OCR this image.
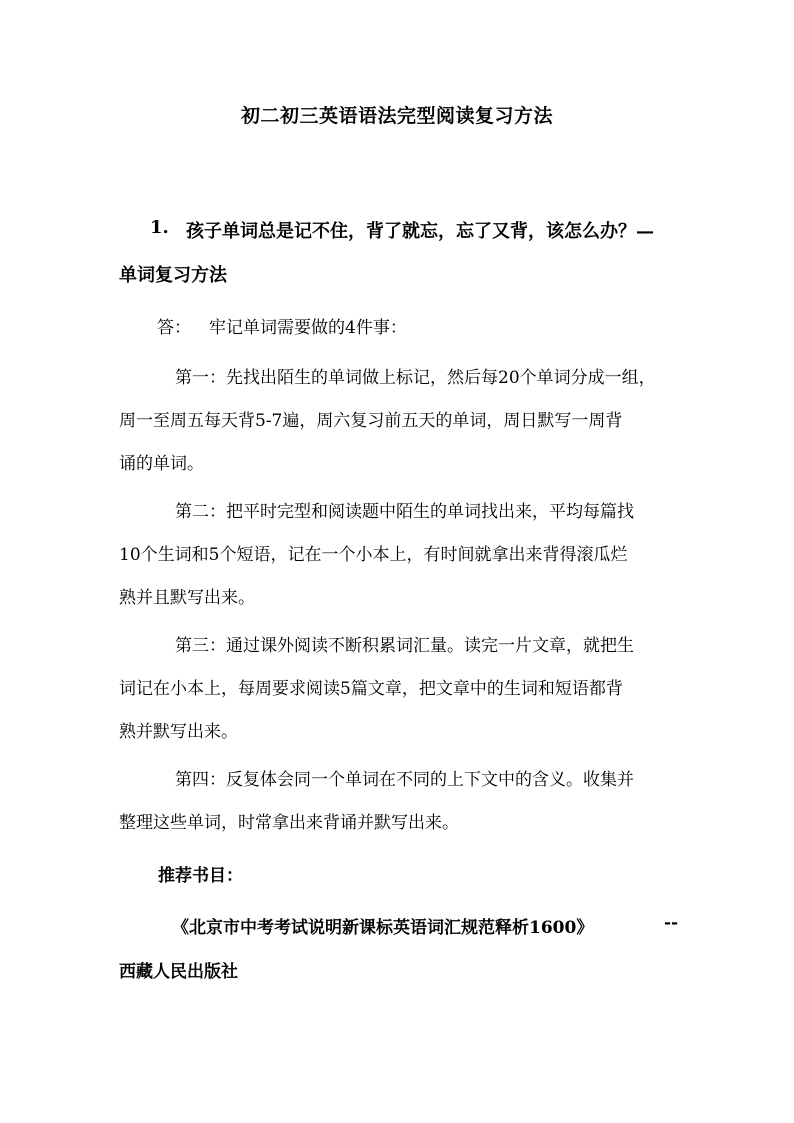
初二初三英语语法完型阅读复习方法
1. 孩子单词总是记不住，背了就忘，忘了又背，该怎么办？—
单词复习方法
答： 牢记单词需要做的4件事：
第一：先找出陌生的单词做上标记，然后每20个单词分成一组，
周一至周五每天背5-7遍，周六复习前五天的单词，周日默写一周背
诵的单词。
第二：把平时完型和阅读题中陌生的单词找出来，平均每篇找
10个生词和5个短语，记在一个小本上，有时间就拿出来背得滚瓜烂
熟并且默写出来。
第三：通过课外阅读不断积累词汇量。读完一片文章，就把生
词记在小本上，每周要求阅读5篇文章，把文章中的生词和短语都背
熟并默写出来。
第四：反复体会同一个单词在不同的上下文中的含义。收集并
整理这些单词，时常拿出来背诵并默写出来。
推荐书目：
《北京市中考考试说明新课标英语词汇规范释析1600》	--
西藏人民出版社
